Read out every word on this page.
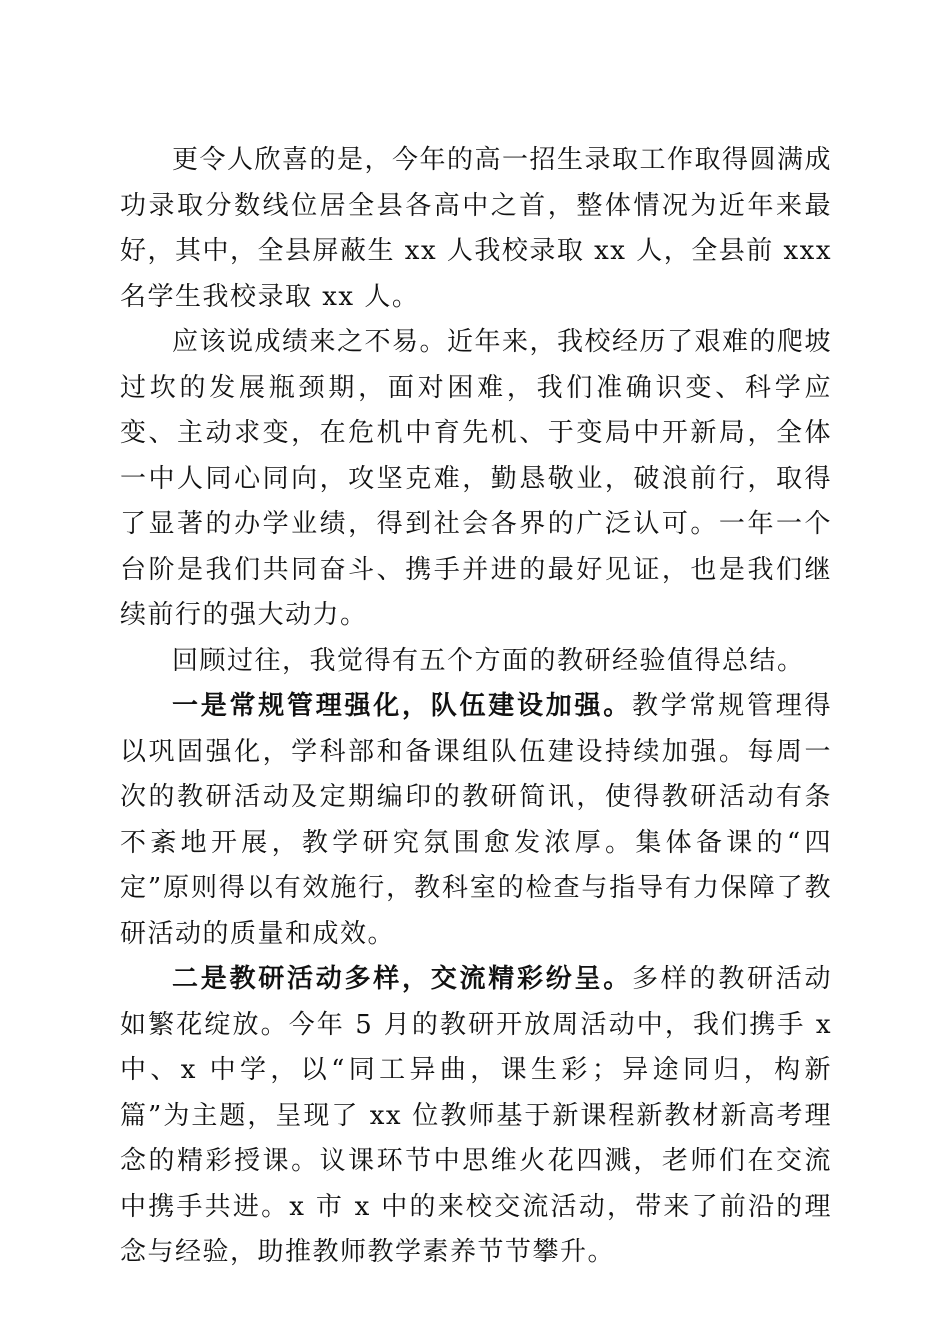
更令人欣喜的是，今年的高一招生录取工作取得圆满成功录取分数线位居全县各高中之首，整体情况为近年来最好，其中，全县屏蔽生 xx 人我校录取 xx 人，全县前 xxx 名学生我校录取 xx 人。

应该说成绩来之不易。近年来，我校经历了艰难的爬坡过坎的发展瓶颈期，面对困难，我们准确识变、科学应变、主动求变，在危机中育先机、于变局中开新局，全体一中人同心同向，攻坚克难，勤恳敬业，破浪前行，取得了显著的办学业绩，得到社会各界的广泛认可。一年一个台阶是我们共同奋斗、携手并进的最好见证，也是我们继续前行的强大动力。

回顾过往，我觉得有五个方面的教研经验值得总结。

一是常规管理强化，队伍建设加强。教学常规管理得以巩固强化，学科部和备课组队伍建设持续加强。每周一次的教研活动及定期编印的教研简讯，使得教研活动有条不紊地开展，教学研究氛围愈发浓厚。集体备课的“四定”原则得以有效施行，教科室的检查与指导有力保障了教研活动的质量和成效。

二是教研活动多样，交流精彩纷呈。多样的教研活动如繁花绽放。今年 5 月的教研开放周活动中，我们携手 x 中、x 中学，以“同工异曲，课生彩；异途同归，构新篇”为主题，呈现了 xx 位教师基于新课程新教材新高考理念的精彩授课。议课环节中思维火花四溅，老师们在交流中携手共进。x 市 x 中的来校交流活动，带来了前沿的理念与经验，助推教师教学素养节节攀升。
